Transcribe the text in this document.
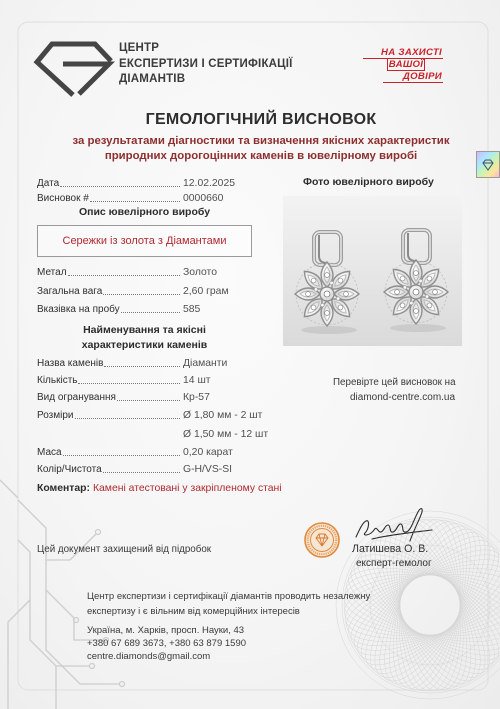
ЦЕНТР
ЕКСПЕРТИЗИ І СЕРТИФІКАЦІЇ
ДІАМАНТІВ
НА ЗАХИСТІ
ВАШОЇ
ДОВІРИ
ГЕМОЛОГІЧНИЙ ВИСНОВОК
за результатами діагностики та визначення якісних характеристик
природних дорогоцінних каменів в ювелірному виробі
Дата	12.02.2025
Висновок #	0000660
Опис ювелірного виробу
Сережки із золота з Діамантами
Метал	Золото
Загальна вага	2,60 грам
Вказівка на пробу	585
Найменування та якісні
характеристики каменів
Назва каменів	Діаманти
Кількість	14 шт
Вид огранування	Кр-57
Розміри	Ø 1,80 мм - 2 шт
Ø 1,50 мм - 12 шт
Маса	0,20 карат
Колір/Чистота	G-H/VS-SI
Коментар: Камені атестовані у закріпленому стані
Фото ювелірного виробу
Перевірте цей висновок на
diamond-centre.com.ua
Цей документ захищений від підробок	Латишева О. В.
експерт-гемолог
Центр експертизи і сертифікації діамантів проводить незалежну
експертизу і є вільним від комерційних інтересів
Україна, м. Харків, просп. Науки, 43
+380 67 689 3673, +380 63 879 1590
centre.diamonds@gmail.com
